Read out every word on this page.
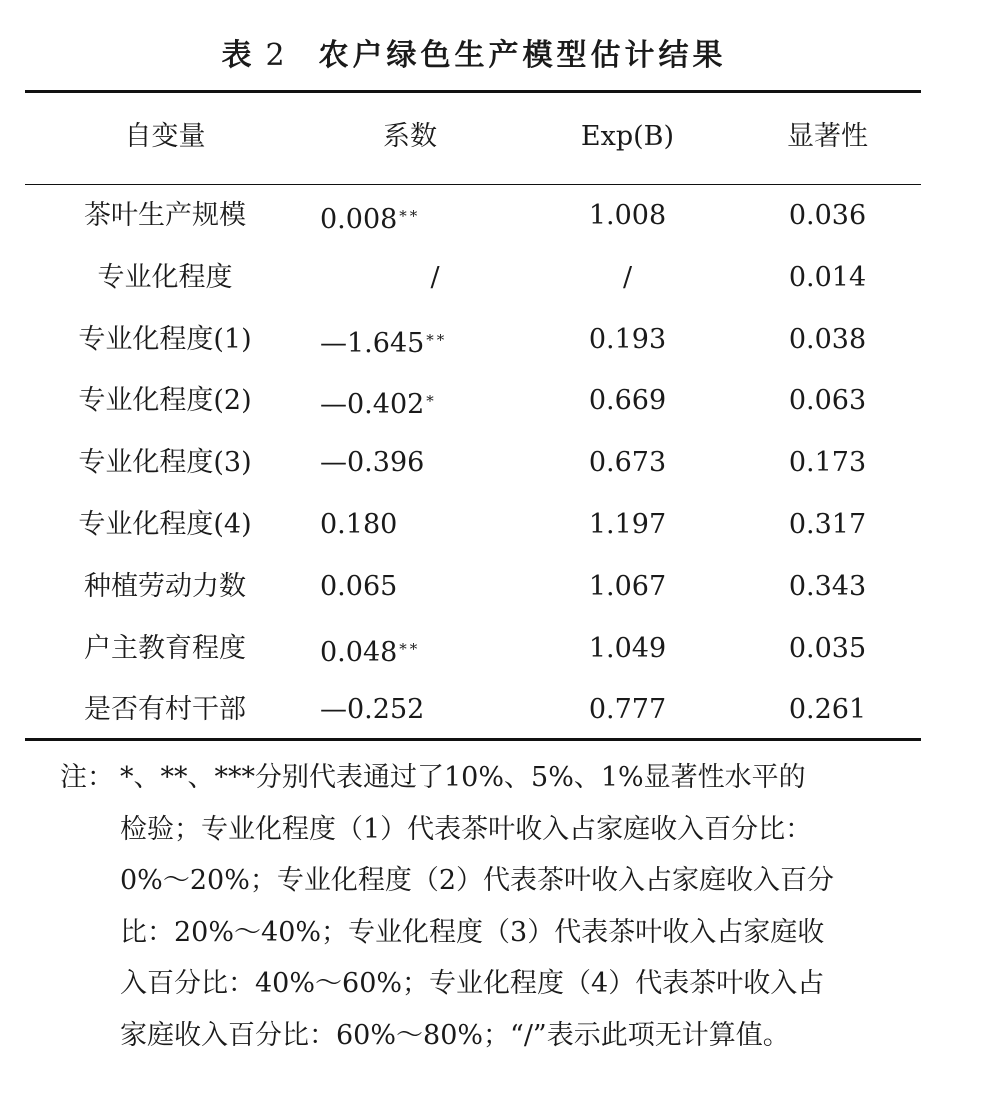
表 2 农户绿色生产模型估计结果
自变量	系数	Exp(B)	显著性
茶叶生产规模	0.008 **	1.008	0.036
专业化程度	/	/	0.014
专业化程度(1)	—1.645 **	0.193	0.038
专业化程度(2)	—0.402 *	0.669	0.063
专业化程度(3)	—0.396	0.673	0.173
专业化程度(4)	0.180	1.197	0.317
种植劳动力数	0.065	1.067	0.343
户主教育程度	0.048 **	1.049	0.035
是否有村干部	—0.252	0.777	0.261
注： *、**、***分别代表通过了10%、5%、1%显著性水平的
检验；专业化程度（1）代表茶叶收入占家庭收入百分比：
0%～20%；专业化程度（2）代表茶叶收入占家庭收入百分
比：20%～40%；专业化程度（3）代表茶叶收入占家庭收
入百分比：40%～60%；专业化程度（4）代表茶叶收入占
家庭收入百分比：60%～80%；“/”表示此项无计算值。
